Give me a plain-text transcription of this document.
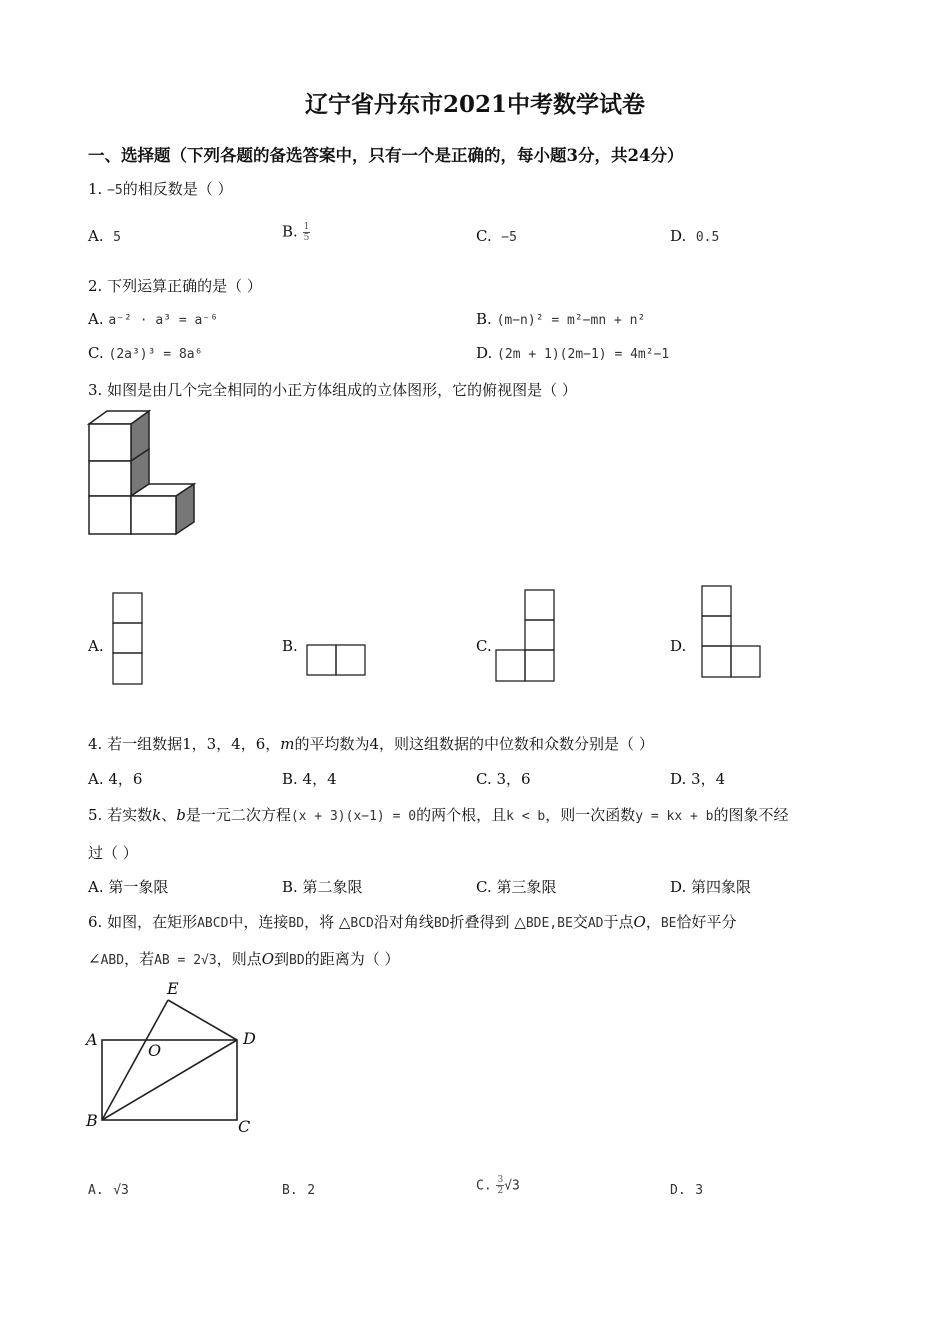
辽宁省丹东市2021中考数学试卷
一、选择题（下列各题的备选答案中，只有一个是正确的，每小题3分，共24分）
1. −5的相反数是（ ）
A. 5	B. $\frac{1}{5}$	C. −5	D. 0.5
2. 下列运算正确的是（ ）
A. a⁻² · a³ = a⁻⁶	B. (m−n)² = m²−mn + n²
C. (2a³)³ = 8a⁶	D. (2m + 1)(2m−1) = 4m²−1
3. 如图是由几个完全相同的小正方体组成的立体图形，它的俯视图是（ ）
A.	B.	C.	D.
4. 若一组数据1，3，4，6，m的平均数为4，则这组数据的中位数和众数分别是（ ）
A. 4，6	B. 4，4	C. 3，6	D. 3，4
5. 若实数k、b是一元二次方程(x + 3)(x−1) = 0的两个根，且k < b，则一次函数y = kx + b的图象不经
过（ ）
A. 第一象限	B. 第二象限	C. 第三象限	D. 第四象限
6. 如图，在矩形ABCD中，连接BD，将 △BCD沿对角线BD折叠得到 △BDE,BE交AD于点O，BE恰好平分
∠ABD，若AB = 2√3，则点O到BD的距离为（ ）
E
A
O
D
B	C
A. √3	B. 2	C. $\frac{3}{2} √3$	D. 3
